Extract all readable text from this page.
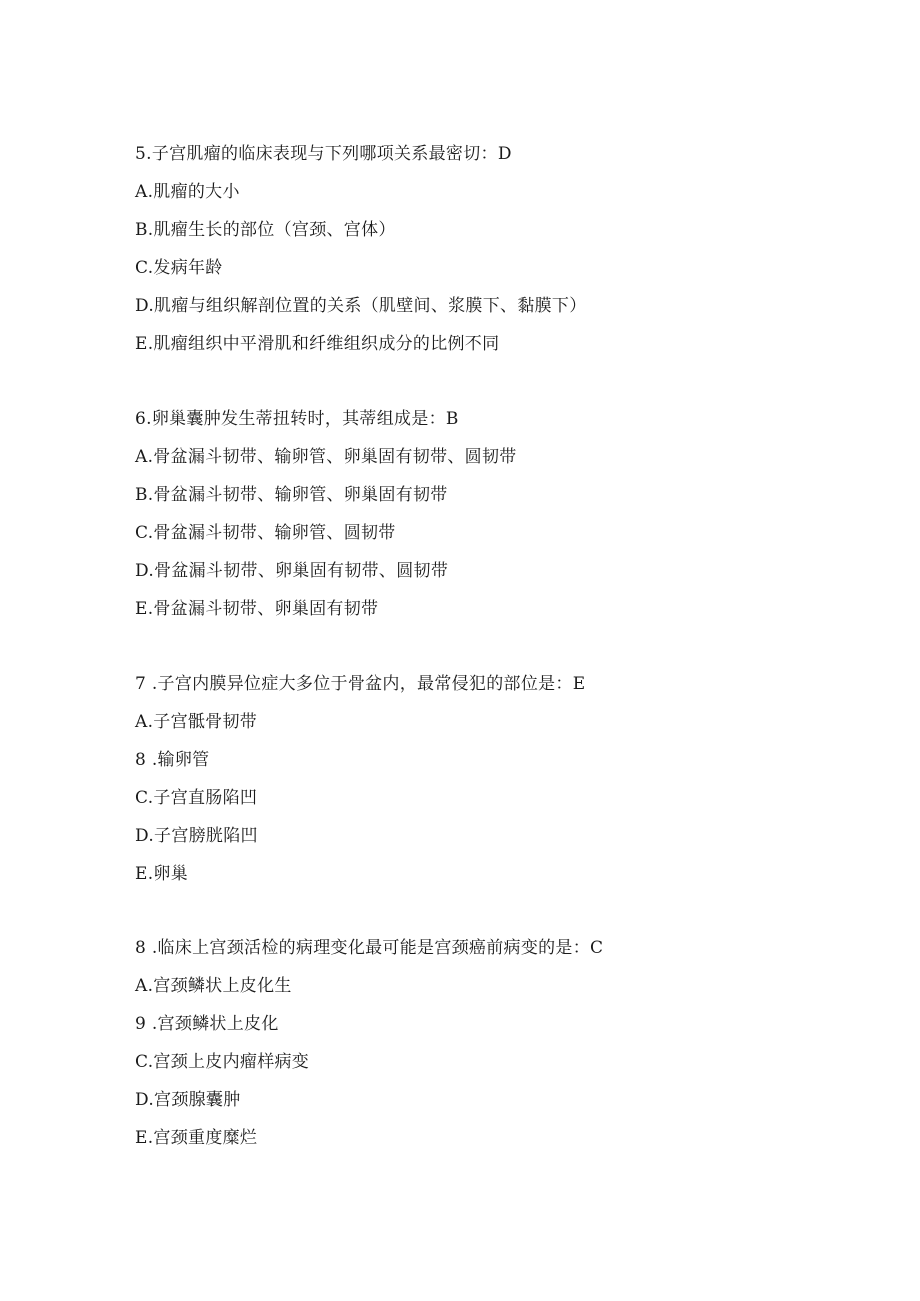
5.子宫肌瘤的临床表现与下列哪项关系最密切：D
A.肌瘤的大小
B.肌瘤生长的部位（宫颈、宫体）
C.发病年龄
D.肌瘤与组织解剖位置的关系（肌壁间、浆膜下、黏膜下）
E.肌瘤组织中平滑肌和纤维组织成分的比例不同
6.卵巢囊肿发生蒂扭转时，其蒂组成是：B
A.骨盆漏斗韧带、输卵管、卵巢固有韧带、圆韧带
B.骨盆漏斗韧带、输卵管、卵巢固有韧带
C.骨盆漏斗韧带、输卵管、圆韧带
D.骨盆漏斗韧带、卵巢固有韧带、圆韧带
E.骨盆漏斗韧带、卵巢固有韧带
7 .子宫内膜异位症大多位于骨盆内，最常侵犯的部位是：E
A.子宫骶骨韧带
8 .输卵管
C.子宫直肠陷凹
D.子宫膀胱陷凹
E.卵巢
8 .临床上宫颈活检的病理变化最可能是宫颈癌前病变的是：C
A.宫颈鳞状上皮化生
9 .宫颈鳞状上皮化
C.宫颈上皮内瘤样病变
D.宫颈腺囊肿
E.宫颈重度糜烂
